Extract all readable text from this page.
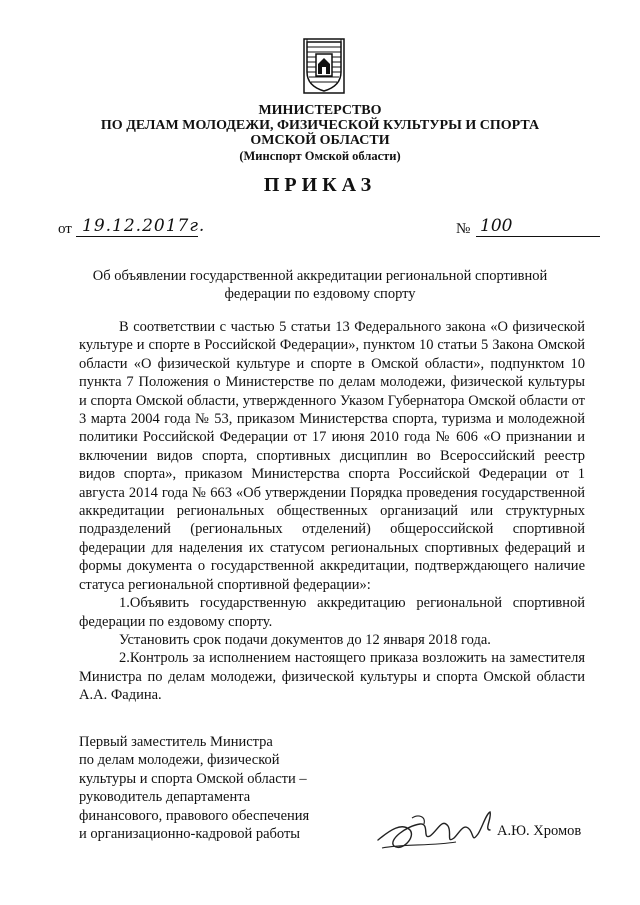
МИНИСТЕРСТВО
ПО ДЕЛАМ МОЛОДЕЖИ, ФИЗИЧЕСКОЙ КУЛЬТУРЫ И СПОРТА
ОМСКОЙ ОБЛАСТИ
(Минспорт Омской области)
ПРИКАЗ
от 19.12.2017г.	№ 100
Об объявлении государственной аккредитации региональной спортивной федерации по ездовому спорту

В соответствии с частью 5 статьи 13 Федерального закона «О физической культуре и спорте в Российской Федерации», пунктом 10 статьи 5 Закона Омской области «О физической культуре и спорте в Омской области», подпунктом 10 пункта 7 Положения о Министерстве по делам молодежи, физической культуры и спорта Омской области, утвержденного Указом Губернатора Омской области от 3 марта 2004 года № 53, приказом Министерства спорта, туризма и молодежной политики Российской Федерации от 17 июня 2010 года № 606 «О признании и включении видов спорта, спортивных дисциплин во Всероссийский реестр видов спорта», приказом Министерства спорта Российской Федерации от 1 августа 2014 года № 663 «Об утверждении Порядка проведения государственной аккредитации региональных общественных организаций или структурных подразделений (региональных отделений) общероссийской спортивной федерации для наделения их статусом региональных спортивных федераций и формы документа о государственной аккредитации, подтверждающего наличие статуса региональной спортивной федерации»:

1.Объявить государственную аккредитацию региональной спортивной федерации по ездовому спорту.

Установить срок подачи документов до 12 января 2018 года.

2.Контроль за исполнением настоящего приказа возложить на заместителя Министра по делам молодежи, физической культуры и спорта Омской области А.А. Фадина.

Первый заместитель Министра
по делам молодежи, физической
культуры и спорта Омской области –
руководитель департамента
финансового, правового обеспечения
и организационно-кадровой работы	А.Ю. Хромов
